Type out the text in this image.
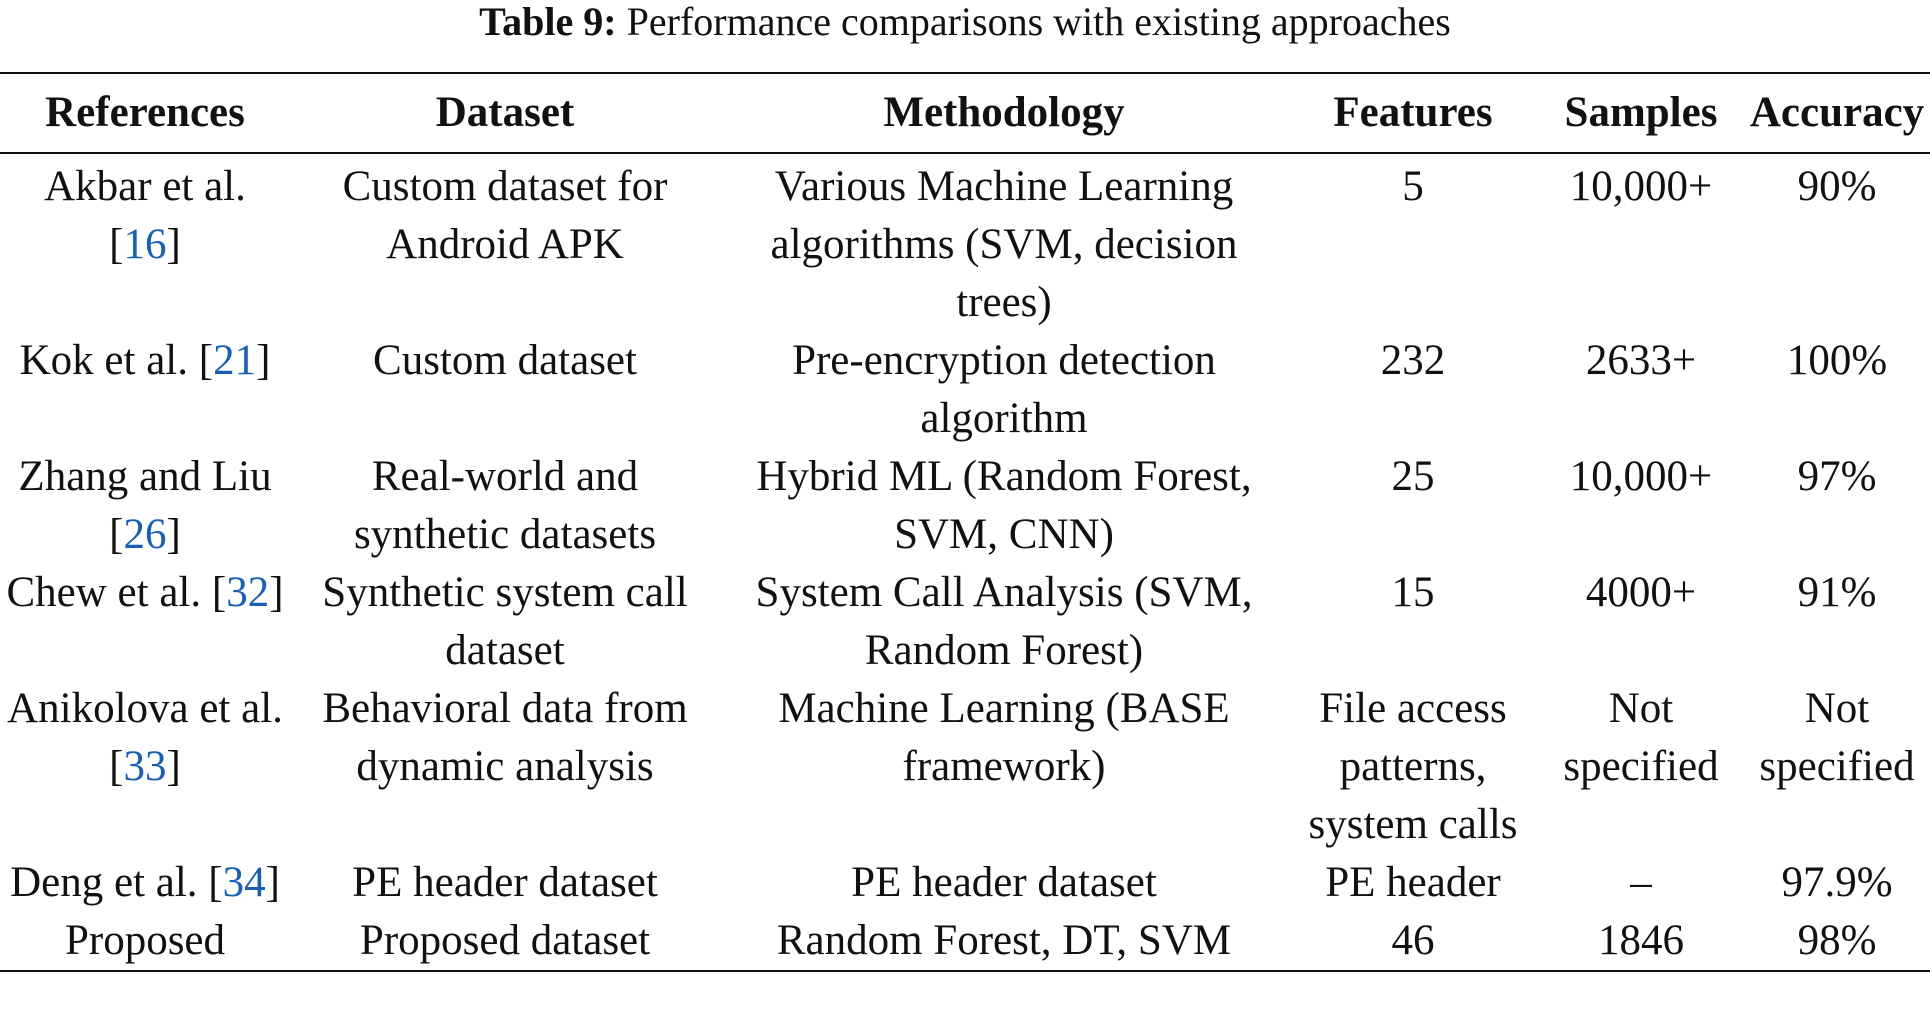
Table 9: Performance comparisons with existing approaches
References	Dataset	Methodology	Features	Samples	Accuracy
Akbar et al. [16]	Custom dataset for Android APK	Various Machine Learning algorithms (SVM, decision trees)	5	10,000+	90%
Kok et al. [21]	Custom dataset	Pre-encryption detection algorithm	232	2633+	100%
Zhang and Liu [26]	Real-world and synthetic datasets	Hybrid ML (Random Forest, SVM, CNN)	25	10,000+	97%
Chew et al. [32]	Synthetic system call dataset	System Call Analysis (SVM, Random Forest)	15	4000+	91%
Anikolova et al. [33]	Behavioral data from dynamic analysis	Machine Learning (BASE framework)	File access patterns, system calls	Not specified	Not specified
Deng et al. [34]	PE header dataset	PE header dataset	PE header	–	97.9%
Proposed	Proposed dataset	Random Forest, DT, SVM	46	1846	98%
